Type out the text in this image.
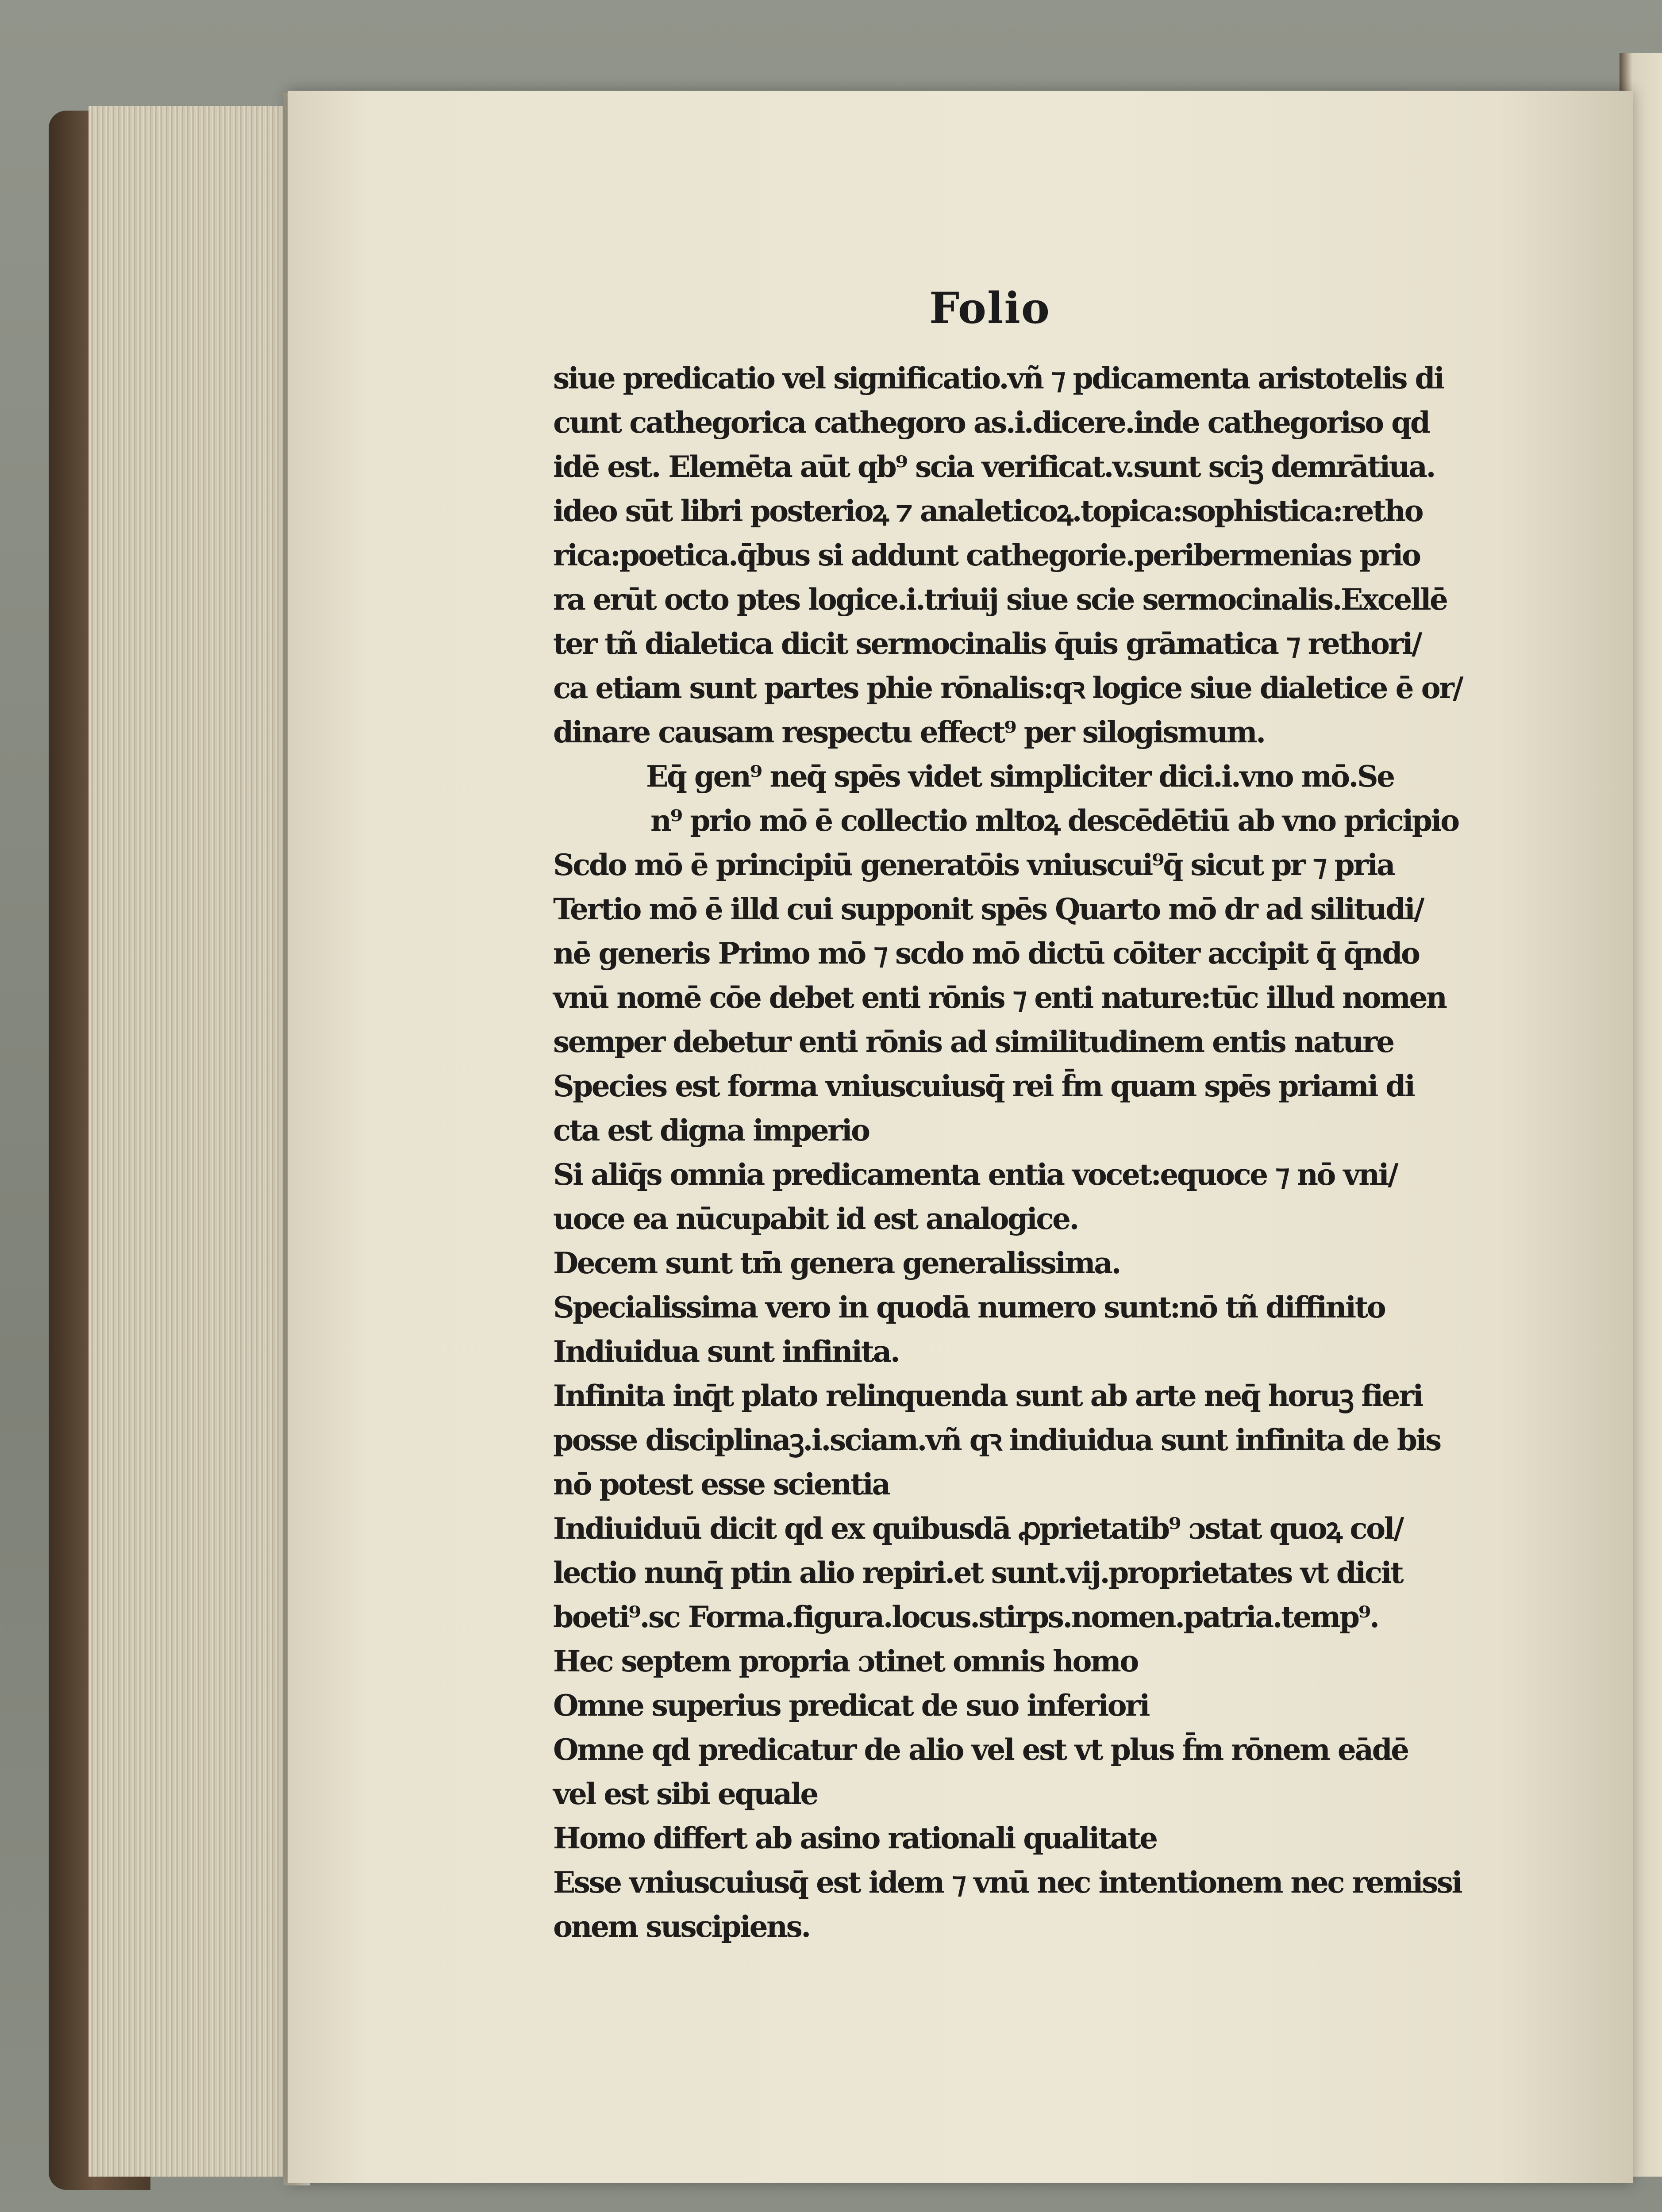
Folio
siue predicatio vel significatio.vñ ⁊ pdicamenta aristotelis di
cunt cathegorica cathegoro as.i.dicere.inde cathegoriso qd
idē est. Elemēta aūt qb⁹ scia verificat.v.sunt sciꝫ demrātiua.
ideo sūt libri posterioꝝ ⁊ analeticoꝝ.topica:sophistica:retho
rica:poetica.q̄bus si addunt cathegorie.peribermenias prio
ra erūt octo ptes logice.i.triuij siue scie sermocinalis.Excellē
ter tñ dialetica dicit sermocinalis q̄uis grāmatica ⁊ rethori/
ca etiam sunt partes phie rōnalis:qꝛ logice siue dialetice ē or/
dinare causam respectu effect⁹ per silogismum.
Eq̄ gen⁹ neq̄ spēs videt simpliciter dici.i.vno mō.Se
n⁹ prio mō ē collectio mltoꝝ descēdētiū ab vno pricipio
Scdo mō ē principiū generatōis vniuscui⁹q̄ sicut pr ⁊ pria
Tertio mō ē illd cui supponit spēs Quarto mō dr ad silitudi/
nē generis Primo mō ⁊ scdo mō dictū cōiter accipit q̄ q̄ndo
vnū nomē cōe debet enti rōnis ⁊ enti nature:tūc illud nomen
semper debetur enti rōnis ad similitudinem entis nature
Species est forma vniuscuiusq̄ rei f̄m quam spēs priami di
cta est digna imperio
Si aliq̄s omnia predicamenta entia vocet:equoce ⁊ nō vni/
uoce ea nūcupabit id est analogice.
Decem sunt tm̄ genera generalissima.
Specialissima vero in quodā numero sunt:nō tñ diffinito
Indiuidua sunt infinita.
Infinita inq̄t plato relinquenda sunt ab arte neq̄ horuꝫ fieri
posse disciplinaꝫ.i.sciam.vñ qꝛ indiuidua sunt infinita de bis
nō potest esse scientia
Indiuiduū dicit qd ex quibusdā ꝓprietatib⁹ ɔstat quoꝝ col/
lectio nunq̄ ptin alio repiri.et sunt.vij.proprietates vt dicit
boeti⁹.sc Forma.figura.locus.stirps.nomen.patria.temp⁹.
Hec septem propria ɔtinet omnis homo
Omne superius predicat de suo inferiori
Omne qd predicatur de alio vel est vt plus f̄m rōnem eādē
vel est sibi equale
Homo differt ab asino rationali qualitate
Esse vniuscuiusq̄ est idem ⁊ vnū nec intentionem nec remissi
onem suscipiens.
